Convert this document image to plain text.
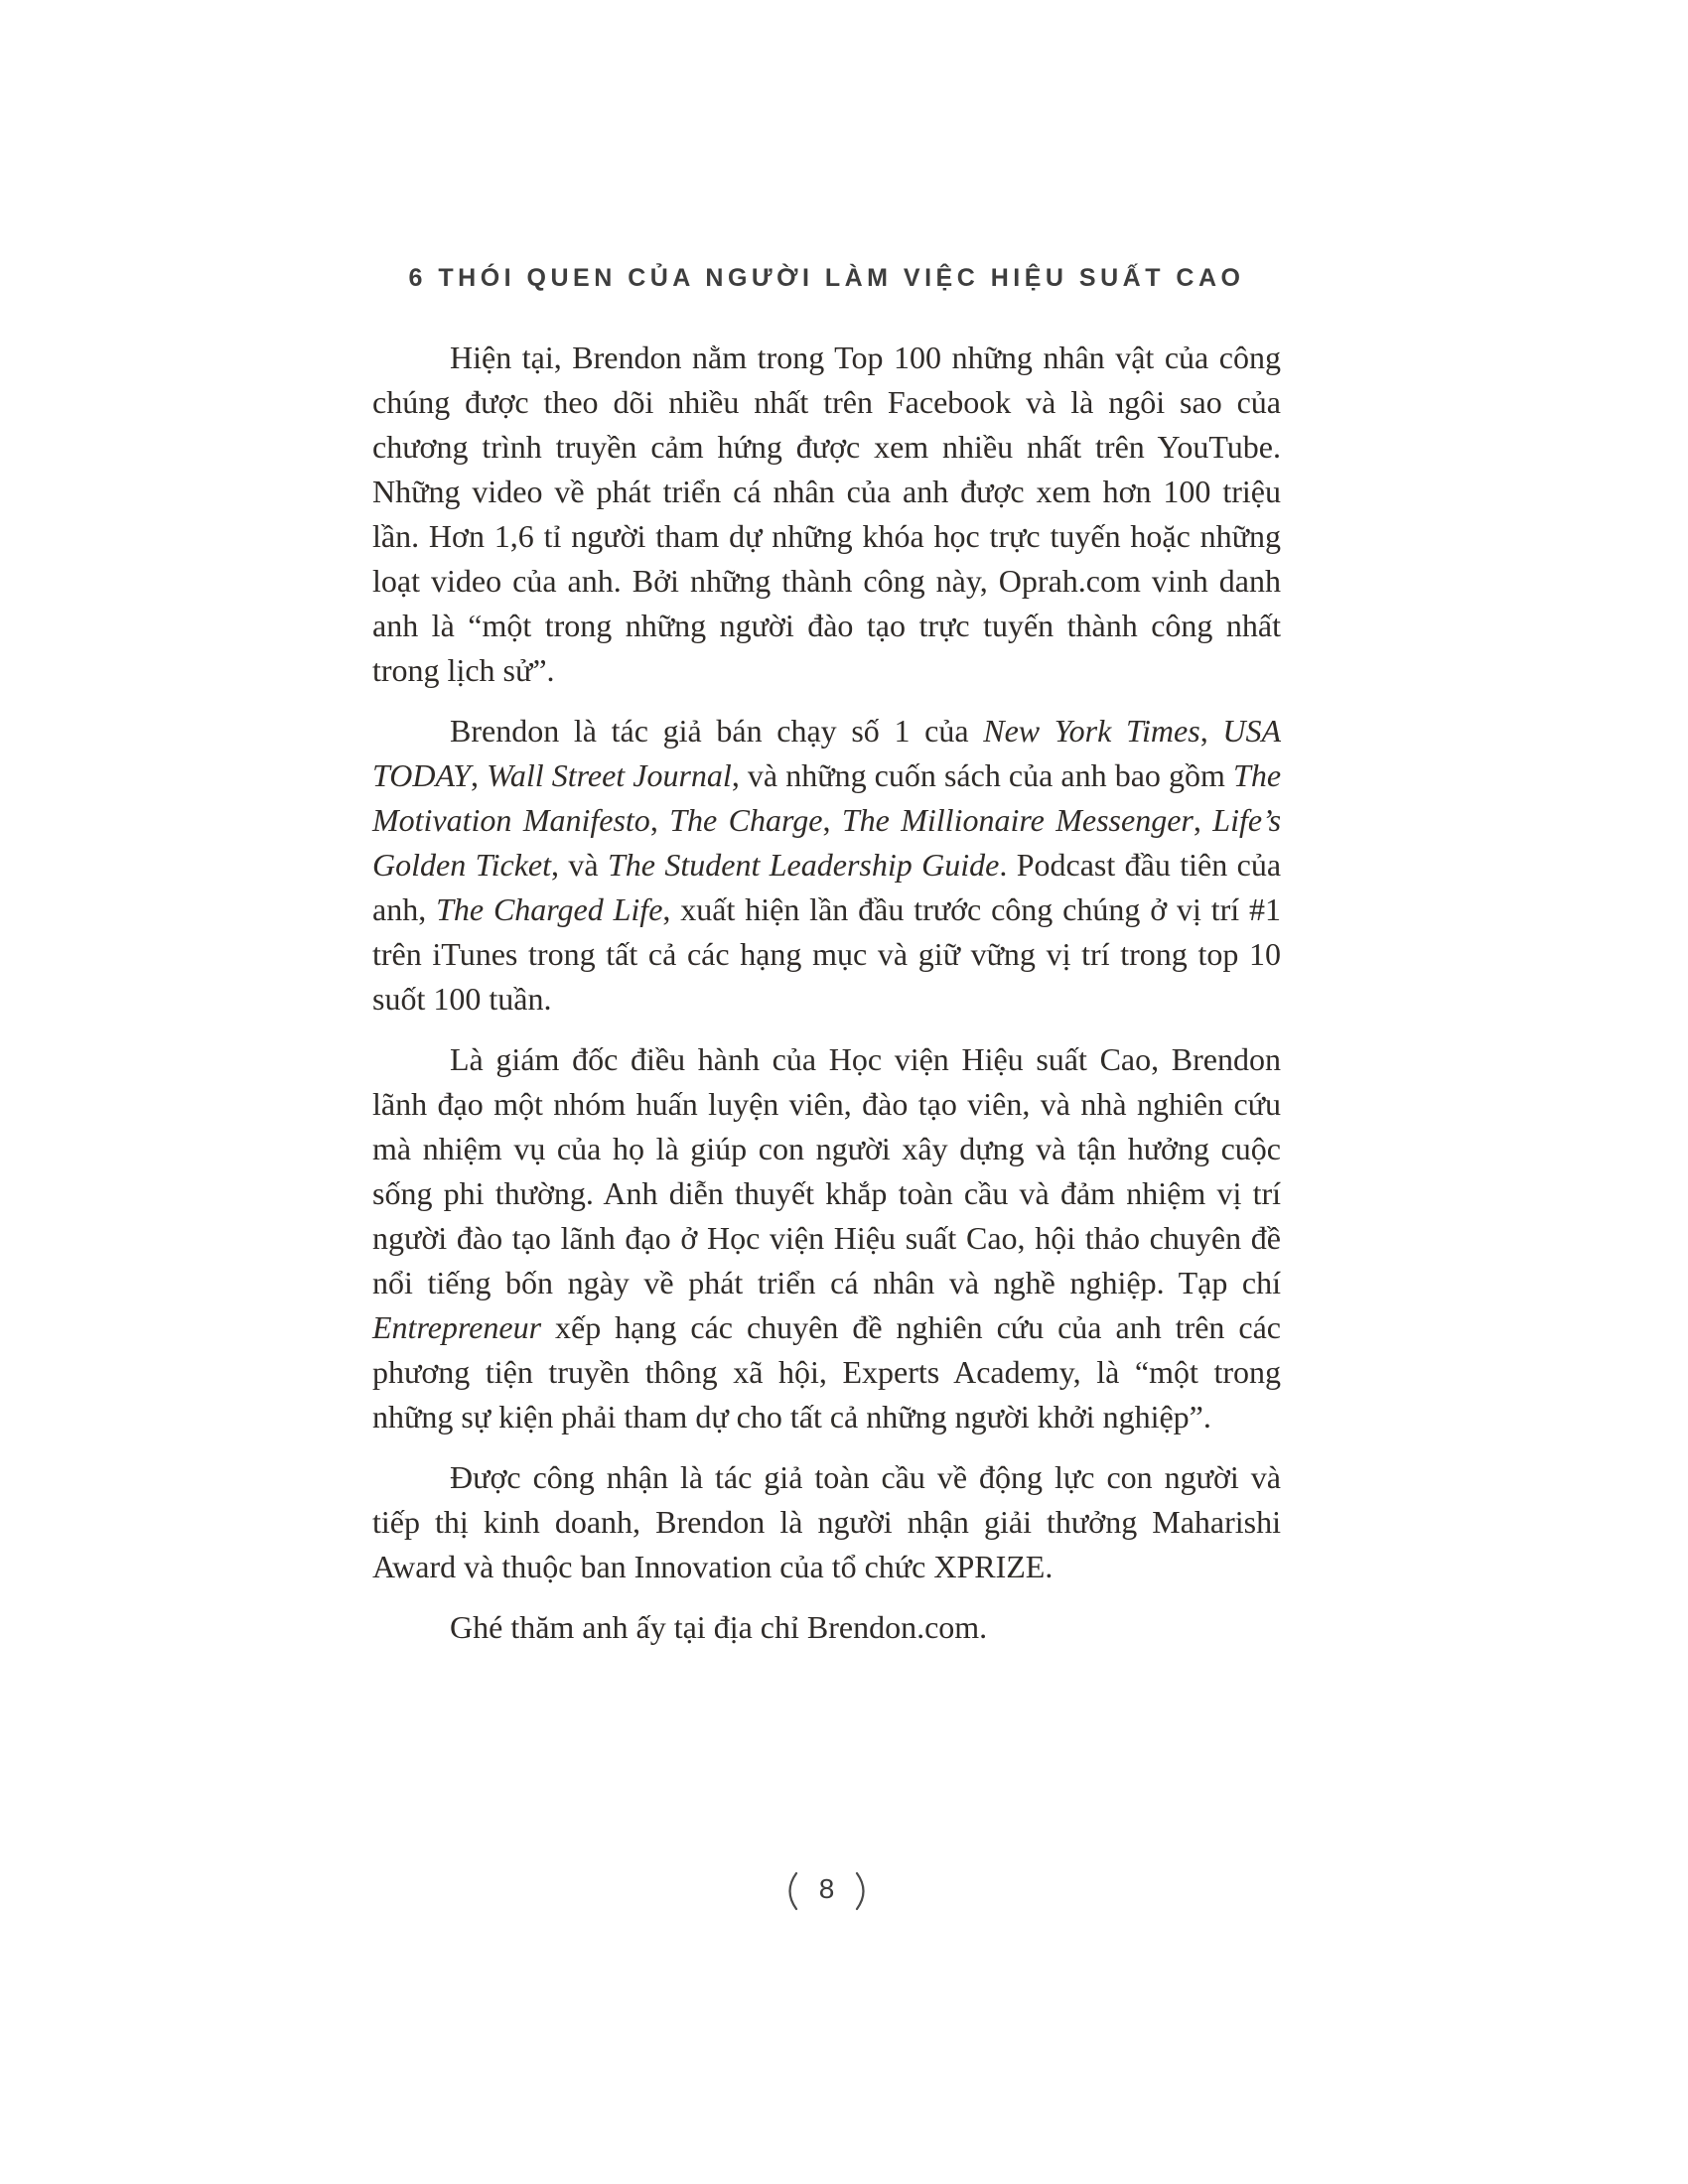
6 THÓI QUEN CỦA NGƯỜI LÀM VIỆC HIỆU SUẤT CAO

Hiện tại, Brendon nằm trong Top 100 những nhân vật của công chúng được theo dõi nhiều nhất trên Facebook và là ngôi sao của chương trình truyền cảm hứng được xem nhiều nhất trên YouTube. Những video về phát triển cá nhân của anh được xem hơn 100 triệu lần. Hơn 1,6 tỉ người tham dự những khóa học trực tuyến hoặc những loạt video của anh. Bởi những thành công này, Oprah.com vinh danh anh là “một trong những người đào tạo trực tuyến thành công nhất trong lịch sử”.

Brendon là tác giả bán chạy số 1 của New York Times, USA TODAY, Wall Street Journal, và những cuốn sách của anh bao gồm The Motivation Manifesto, The Charge, The Millionaire Messenger, Life’s Golden Ticket, và The Student Leadership Guide. Podcast đầu tiên của anh, The Charged Life, xuất hiện lần đầu trước công chúng ở vị trí #1 trên iTunes trong tất cả các hạng mục và giữ vững vị trí trong top 10 suốt 100 tuần.

Là giám đốc điều hành của Học viện Hiệu suất Cao, Brendon lãnh đạo một nhóm huấn luyện viên, đào tạo viên, và nhà nghiên cứu mà nhiệm vụ của họ là giúp con người xây dựng và tận hưởng cuộc sống phi thường. Anh diễn thuyết khắp toàn cầu và đảm nhiệm vị trí người đào tạo lãnh đạo ở Học viện Hiệu suất Cao, hội thảo chuyên đề nổi tiếng bốn ngày về phát triển cá nhân và nghề nghiệp. Tạp chí Entrepreneur xếp hạng các chuyên đề nghiên cứu của anh trên các phương tiện truyền thông xã hội, Experts Academy, là “một trong những sự kiện phải tham dự cho tất cả những người khởi nghiệp”.

Được công nhận là tác giả toàn cầu về động lực con người và tiếp thị kinh doanh, Brendon là người nhận giải thưởng Maharishi Award và thuộc ban Innovation của tổ chức XPRIZE.

Ghé thăm anh ấy tại địa chỉ Brendon.com.

8
